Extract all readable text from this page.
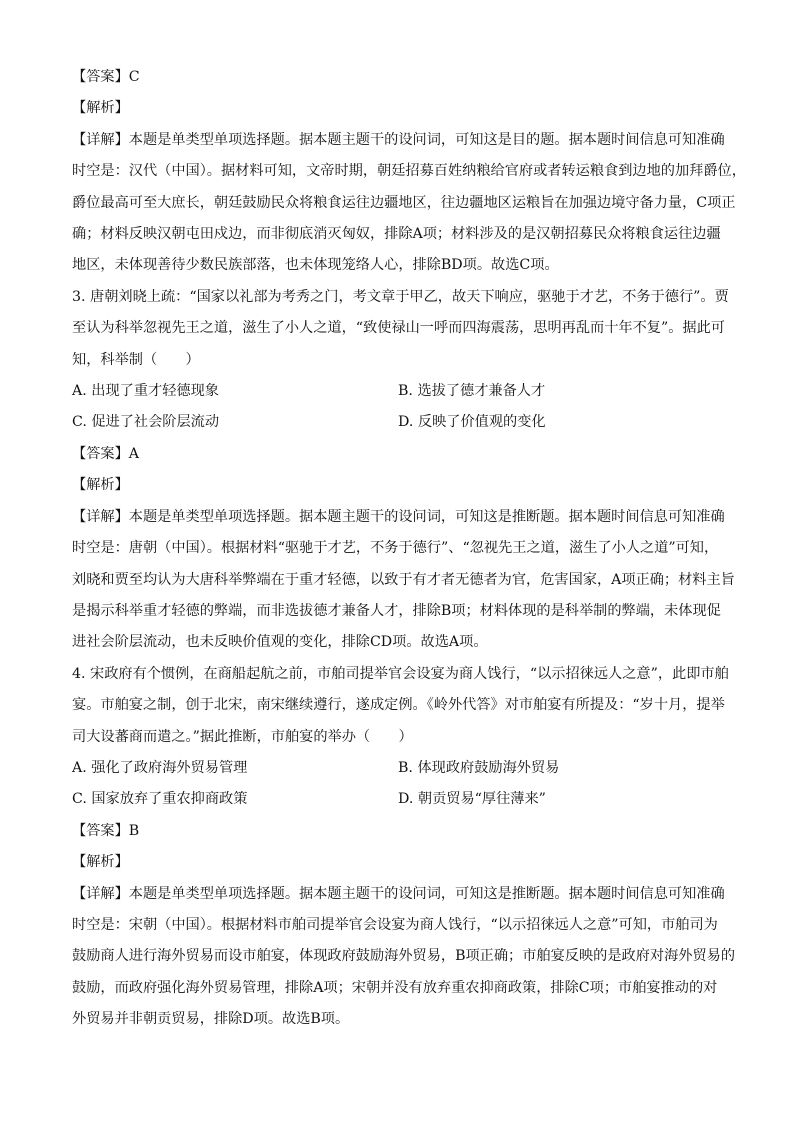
【答案】C
【解析】
【详解】本题是单类型单项选择题。据本题主题干的设问词，可知这是目的题。据本题时间信息可知准确
时空是：汉代（中国）。据材料可知，文帝时期，朝廷招募百姓纳粮给官府或者转运粮食到边地的加拜爵位，
爵位最高可至大庶长，朝廷鼓励民众将粮食运往边疆地区，往边疆地区运粮旨在加强边境守备力量，C项正
确；材料反映汉朝屯田戍边，而非彻底消灭匈奴，排除A项；材料涉及的是汉朝招募民众将粮食运往边疆
地区，未体现善待少数民族部落，也未体现笼络人心，排除BD项。故选C项。
3. 唐朝刘晓上疏：“国家以礼部为考秀之门，考文章于甲乙，故天下响应，驱驰于才艺，不务于德行”。贾
至认为科举忽视先王之道，滋生了小人之道，“致使禄山一呼而四海震荡，思明再乱而十年不复”。据此可
知，科举制（　　）
A. 出现了重才轻德现象	B. 选拔了德才兼备人才
C. 促进了社会阶层流动	D. 反映了价值观的变化
【答案】A
【解析】
【详解】本题是单类型单项选择题。据本题主题干的设问词，可知这是推断题。据本题时间信息可知准确
时空是：唐朝（中国）。根据材料“驱驰于才艺，不务于德行”、“忽视先王之道，滋生了小人之道”可知，
刘晓和贾至均认为大唐科举弊端在于重才轻德，以致于有才者无德者为官，危害国家，A项正确；材料主旨
是揭示科举重才轻德的弊端，而非选拔德才兼备人才，排除B项；材料体现的是科举制的弊端，未体现促
进社会阶层流动，也未反映价值观的变化，排除CD项。故选A项。
4. 宋政府有个惯例，在商船起航之前，市舶司提举官会设宴为商人饯行，“以示招徕远人之意”，此即市舶
宴。市舶宴之制，创于北宋，南宋继续遵行，遂成定例。《岭外代答》对市舶宴有所提及：“岁十月，提举
司大设蕃商而遣之。”据此推断，市舶宴的举办（　　）
A. 强化了政府海外贸易管理	B. 体现政府鼓励海外贸易
C. 国家放弃了重农抑商政策	D. 朝贡贸易“厚往薄来”
【答案】B
【解析】
【详解】本题是单类型单项选择题。据本题主题干的设问词，可知这是推断题。据本题时间信息可知准确
时空是：宋朝（中国）。根据材料市舶司提举官会设宴为商人饯行，“以示招徕远人之意”可知，市舶司为
鼓励商人进行海外贸易而设市舶宴，体现政府鼓励海外贸易，B项正确；市舶宴反映的是政府对海外贸易的
鼓励，而政府强化海外贸易管理，排除A项；宋朝并没有放弃重农抑商政策，排除C项；市舶宴推动的对
外贸易并非朝贡贸易，排除D项。故选B项。
